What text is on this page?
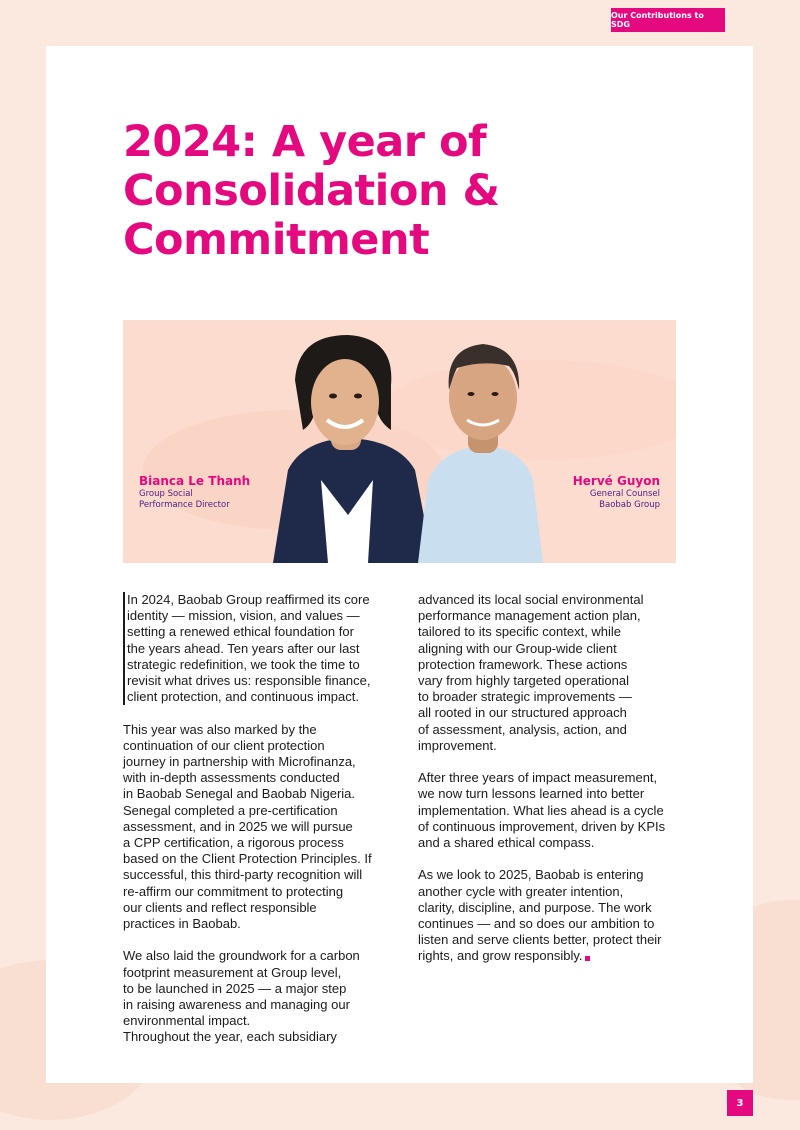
Our Contributions to SDG
2024: A year of
Consolidation &
Commitment
Bianca Le Thanh
Group Social
Performance Director
Hervé Guyon
General Counsel
Baobab Group

In 2024, Baobab Group reaffirmed its core
identity — mission, vision, and values —
setting a renewed ethical foundation for
the years ahead. Ten years after our last
strategic redefinition, we took the time to
revisit what drives us: responsible finance,
client protection, and continuous impact.

This year was also marked by the
continuation of our client protection
journey in partnership with Microfinanza,
with in-depth assessments conducted
in Baobab Senegal and Baobab Nigeria.
Senegal completed a pre-certification
assessment, and in 2025 we will pursue
a CPP certification, a rigorous process
based on the Client Protection Principles. If
successful, this third-party recognition will
re-affirm our commitment to protecting
our clients and reflect responsible
practices in Baobab.

We also laid the groundwork for a carbon
footprint measurement at Group level,
to be launched in 2025 — a major step
in raising awareness and managing our
environmental impact.
Throughout the year, each subsidiary

advanced its local social environmental
performance management action plan,
tailored to its specific context, while
aligning with our Group-wide client
protection framework. These actions
vary from highly targeted operational
to broader strategic improvements —
all rooted in our structured approach
of assessment, analysis, action, and
improvement.

After three years of impact measurement,
we now turn lessons learned into better
implementation. What lies ahead is a cycle
of continuous improvement, driven by KPIs
and a shared ethical compass.

As we look to 2025, Baobab is entering
another cycle with greater intention,
clarity, discipline, and purpose. The work
continues — and so does our ambition to
listen and serve clients better, protect their
rights, and grow responsibly.

3
